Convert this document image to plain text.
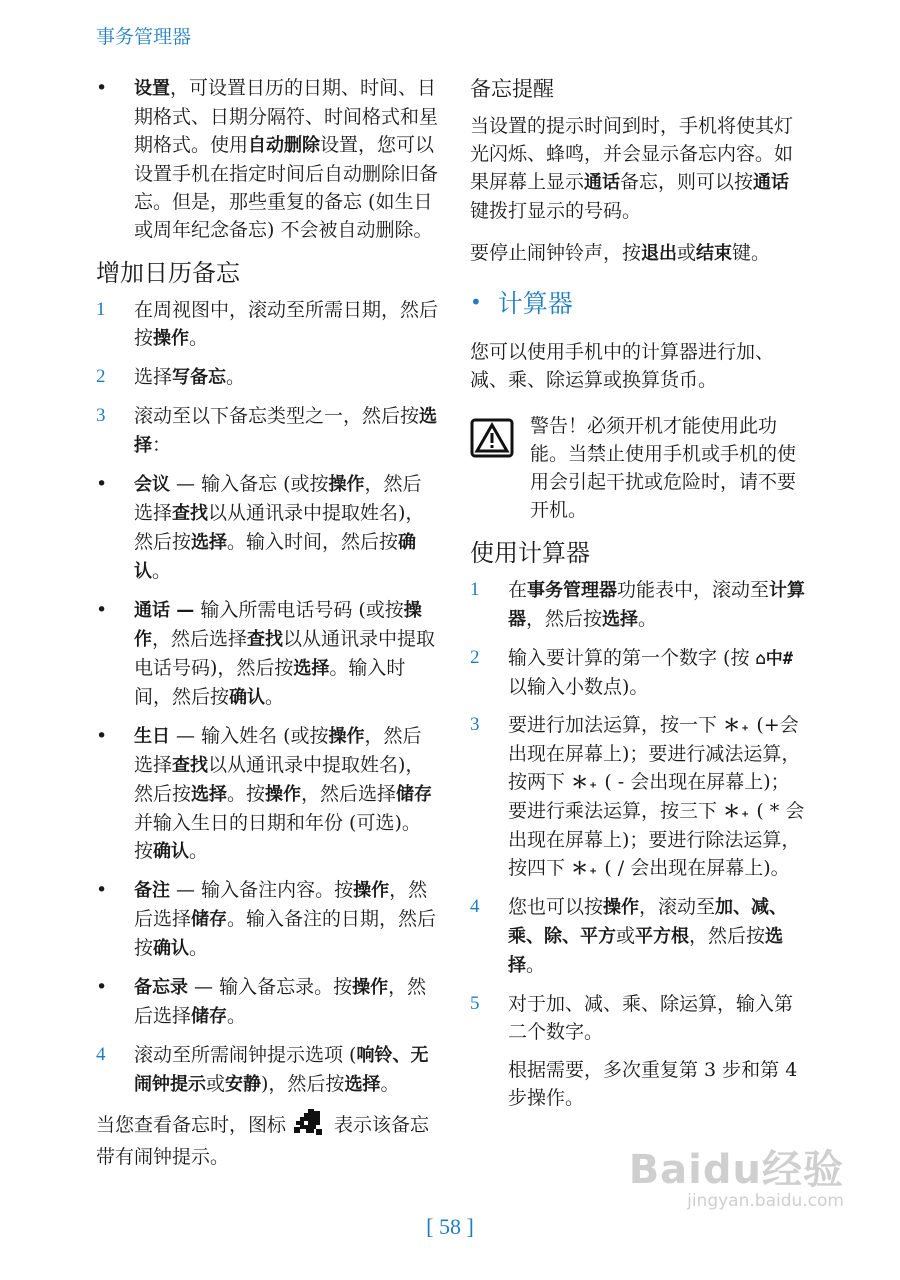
事务管理器
•	设置，可设置日历的日期、时间、日期格式、日期分隔符、时间格式和星期格式。使用自动删除设置，您可以设置手机在指定时间后自动删除旧备忘。但是，那些重复的备忘 (如生日或周年纪念备忘) 不会被自动删除。
增加日历备忘
1	在周视图中，滚动至所需日期，然后按操作。
2	选择写备忘。
3	滚动至以下备忘类型之一，然后按选择：
•	会议 — 输入备忘 (或按操作，然后选择查找以从通讯录中提取姓名)，然后按选择。输入时间，然后按确认。
•	通话 — 输入所需电话号码 (或按操作，然后选择查找以从通讯录中提取电话号码)，然后按选择。输入时间，然后按确认。
•	生日 — 输入姓名 (或按操作，然后选择查找以从通讯录中提取姓名)，然后按选择。按操作，然后选择储存并输入生日的日期和年份 (可选)。按确认。
•	备注 — 输入备注内容。按操作，然后选择储存。输入备注的日期，然后按确认。
•	备忘录 — 输入备忘录。按操作，然后选择储存。
4	滚动至所需闹钟提示选项 (响铃、无闹钟提示或安静)，然后按选择。

当您查看备忘时，图标	表示该备忘带有闹钟提示。

备忘提醒

当设置的提示时间到时，手机将使其灯光闪烁、蜂鸣，并会显示备忘内容。如果屏幕上显示通话备忘，则可以按通话键拨打显示的号码。

要停止闹钟铃声，按退出或结束键。

• 计算器

您可以使用手机中的计算器进行加、减、乘、除运算或换算货币。

警告！必须开机才能使用此功能。当禁止使用手机或手机的使用会引起干扰或危险时，请不要开机。

使用计算器
1	在事务管理器功能表中，滚动至计算器，然后按选择。
2	输入要计算的第一个数字 (按 ⌂中# 以输入小数点)。
3	要进行加法运算，按一下 ＊₊ (+会出现在屏幕上)；要进行减法运算，按两下 ＊₊ ( - 会出现在屏幕上)；要进行乘法运算，按三下 ＊₊ ( * 会出现在屏幕上)；要进行除法运算，按四下 ＊₊ ( / 会出现在屏幕上)。
4	您也可以按操作，滚动至加、减、乘、除、平方或平方根，然后按选择。
5	对于加、减、乘、除运算，输入第二个数字。

根据需要，多次重复第 3 步和第 4 步操作。

[ 58 ]
Baidu经验
jingyan.baidu.com
